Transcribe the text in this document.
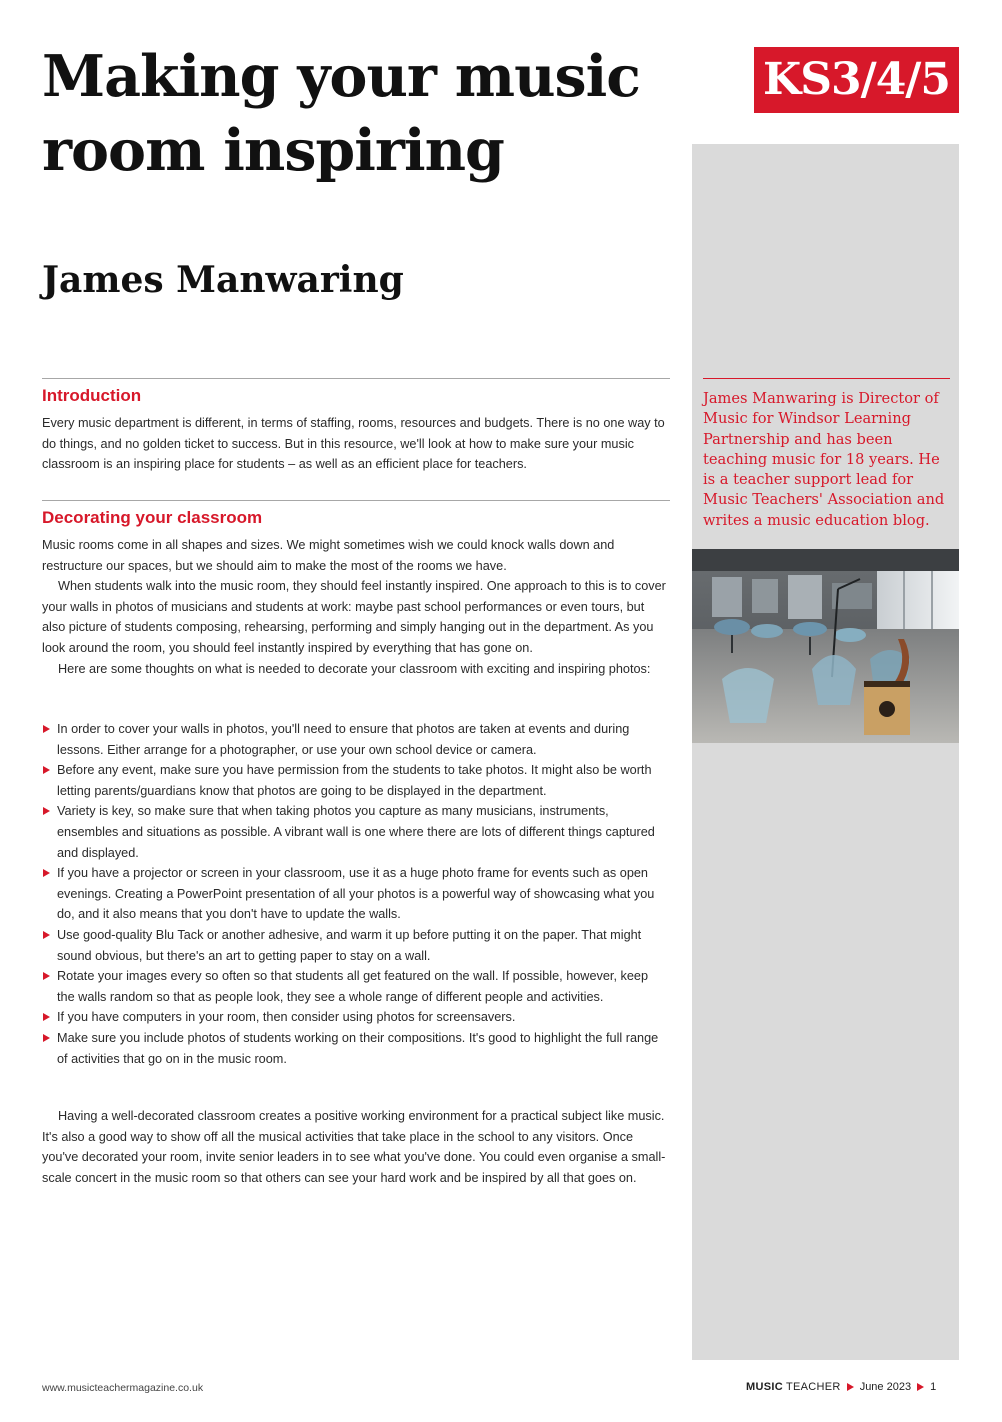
Making your music
room inspiring
James Manwaring
KS3/4/5
James Manwaring is Director of Music for Windsor Learning Partnership and has been teaching music for 18 years. He is a teacher support lead for Music Teachers' Association and writes a music education blog.
Introduction
Every music department is different, in terms of staffing, rooms, resources and budgets. There is no one way to do things, and no golden ticket to success. But in this resource, we'll look at how to make sure your music classroom is an inspiring place for students – as well as an efficient place for teachers.
Decorating your classroom

Music rooms come in all shapes and sizes. We might sometimes wish we could knock walls down and restructure our spaces, but we should aim to make the most of the rooms we have.

When students walk into the music room, they should feel instantly inspired. One approach to this is to cover your walls in photos of musicians and students at work: maybe past school performances or even tours, but also picture of students composing, rehearsing, performing and simply hanging out in the department. As you look around the room, you should feel instantly inspired by everything that has gone on.

Here are some thoughts on what is needed to decorate your classroom with exciting and inspiring photos:

In order to cover your walls in photos, you'll need to ensure that photos are taken at events and during lessons. Either arrange for a photographer, or use your own school device or camera.
Before any event, make sure you have permission from the students to take photos. It might also be worth letting parents/guardians know that photos are going to be displayed in the department.
Variety is key, so make sure that when taking photos you capture as many musicians, instruments, ensembles and situations as possible. A vibrant wall is one where there are lots of different things captured and displayed.
If you have a projector or screen in your classroom, use it as a huge photo frame for events such as open evenings. Creating a PowerPoint presentation of all your photos is a powerful way of showcasing what you do, and it also means that you don't have to update the walls.
Use good-quality Blu Tack or another adhesive, and warm it up before putting it on the paper. That might sound obvious, but there's an art to getting paper to stay on a wall.
Rotate your images every so often so that students all get featured on the wall. If possible, however, keep the walls random so that as people look, they see a whole range of different people and activities.
If you have computers in your room, then consider using photos for screensavers.
Make sure you include photos of students working on their compositions. It's good to highlight the full range of activities that go on in the music room.

Having a well-decorated classroom creates a positive working environment for a practical subject like music. It's also a good way to show off all the musical activities that take place in the school to any visitors. Once you've decorated your room, invite senior leaders in to see what you've done. You could even organise a small-scale concert in the music room so that others can see your hard work and be inspired by all that goes on.

www.musicteachermagazine.co.uk	MUSIC TEACHER June 2023 1
